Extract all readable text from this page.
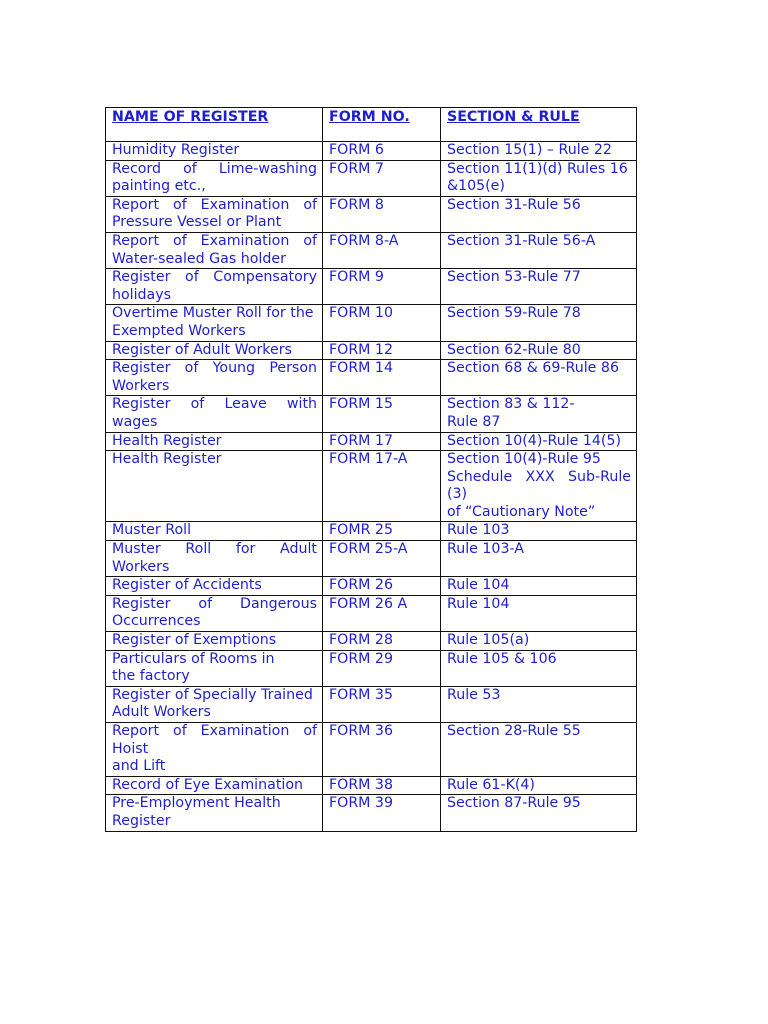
NAME OF REGISTER	FORM NO.	SECTION & RULE

Humidity Register	FORM 6	Section 15(1) – Rule 22

Record of Lime-washing painting etc.,	FORM 7	Section 11(1)(d) Rules 16
&105(e)

Report of Examination of Pressure Vessel or Plant	FORM 8	Section 31-Rule 56

Report of Examination of Water-sealed Gas holder	FORM 8-A	Section 31-Rule 56-A

Register of Compensatory holidays	FORM 9	Section 53-Rule 77

Overtime Muster Roll for the
Exempted Workers	FORM 10	Section 59-Rule 78

Register of Adult Workers	FORM 12	Section 62-Rule 80

Register of Young Person Workers	FORM 14	Section 68 & 69-Rule 86

Register of Leave with wages	FORM 15	Section 83 & 112-
Rule 87

Health Register	FORM 17	Section 10(4)-Rule 14(5)

Health Register	FORM 17-A	Section 10(4)-Rule 95
Schedule XXX Sub-Rule (3)
of “Cautionary Note”

Muster Roll	FOMR 25	Rule 103

Muster Roll for Adult Workers	FORM 25-A	Rule 103-A

Register of Accidents	FORM 26	Rule 104

Register of Dangerous Occurrences	FORM 26 A	Rule 104

Register of Exemptions	FORM 28	Rule 105(a)

Particulars of Rooms in
the factory	FORM 29	Rule 105 & 106

Register of Specially Trained
Adult Workers	FORM 35	Rule 53

Report of Examination of Hoist
and Lift	FORM 36	Section 28-Rule 55

Record of Eye Examination	FORM 38	Rule 61-K(4)

Pre-Employment Health
Register	FORM 39	Section 87-Rule 95
